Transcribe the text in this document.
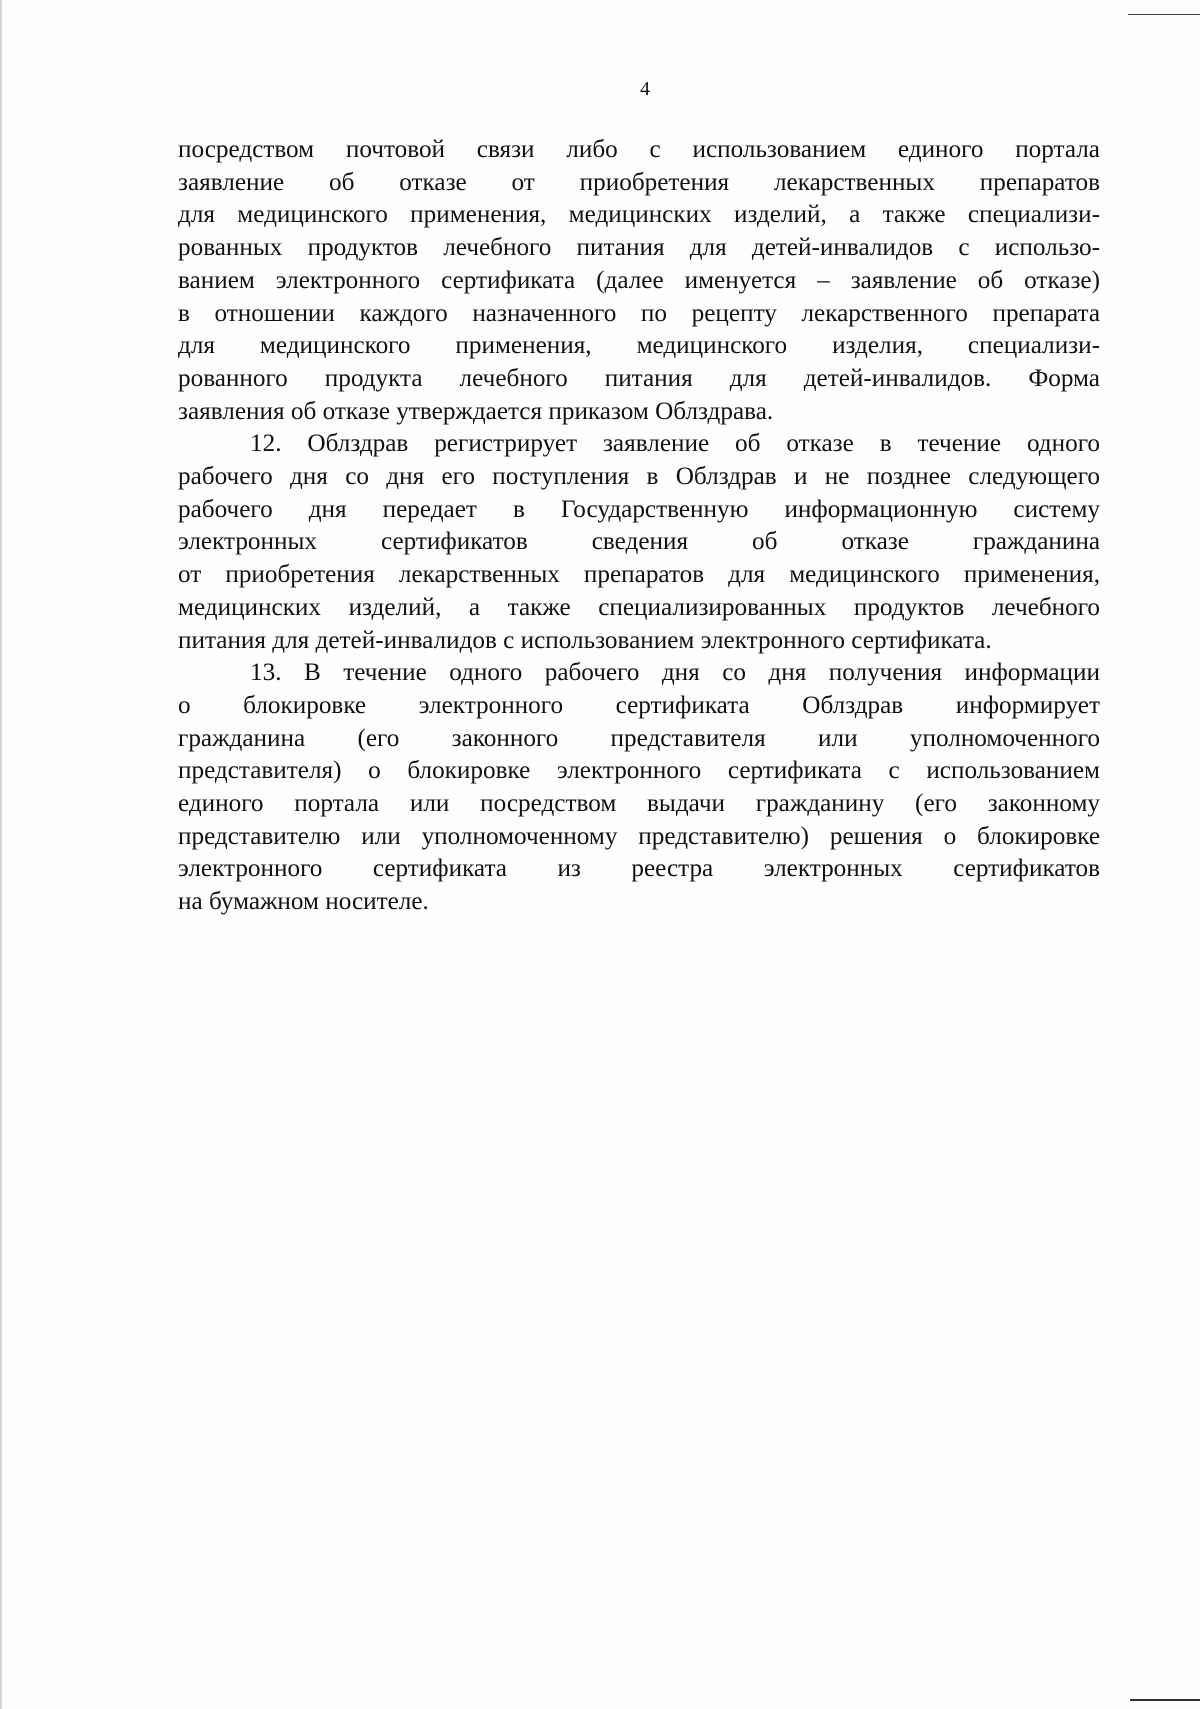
4
посредством почтовой связи либо с использованием единого портала
заявление об отказе от приобретения лекарственных препаратов
для медицинского применения, медицинских изделий, а также специализи-
рованных продуктов лечебного питания для детей-инвалидов с использо-
ванием электронного сертификата (далее именуется – заявление об отказе)
в отношении каждого назначенного по рецепту лекарственного препарата
для медицинского применения, медицинского изделия, специализи-
рованного продукта лечебного питания для детей-инвалидов. Форма
заявления об отказе утверждается приказом Облздрава.
12. Облздрав регистрирует заявление об отказе в течение одного
рабочего дня со дня его поступления в Облздрав и не позднее следующего
рабочего дня передает в Государственную информационную систему
электронных сертификатов сведения об отказе гражданина
от приобретения лекарственных препаратов для медицинского применения,
медицинских изделий, а также специализированных продуктов лечебного
питания для детей-инвалидов с использованием электронного сертификата.
13. В течение одного рабочего дня со дня получения информации
о блокировке электронного сертификата Облздрав информирует
гражданина (его законного представителя или уполномоченного
представителя) о блокировке электронного сертификата с использованием
единого портала или посредством выдачи гражданину (его законному
представителю или уполномоченному представителю) решения о блокировке
электронного сертификата из реестра электронных сертификатов
на бумажном носителе.
